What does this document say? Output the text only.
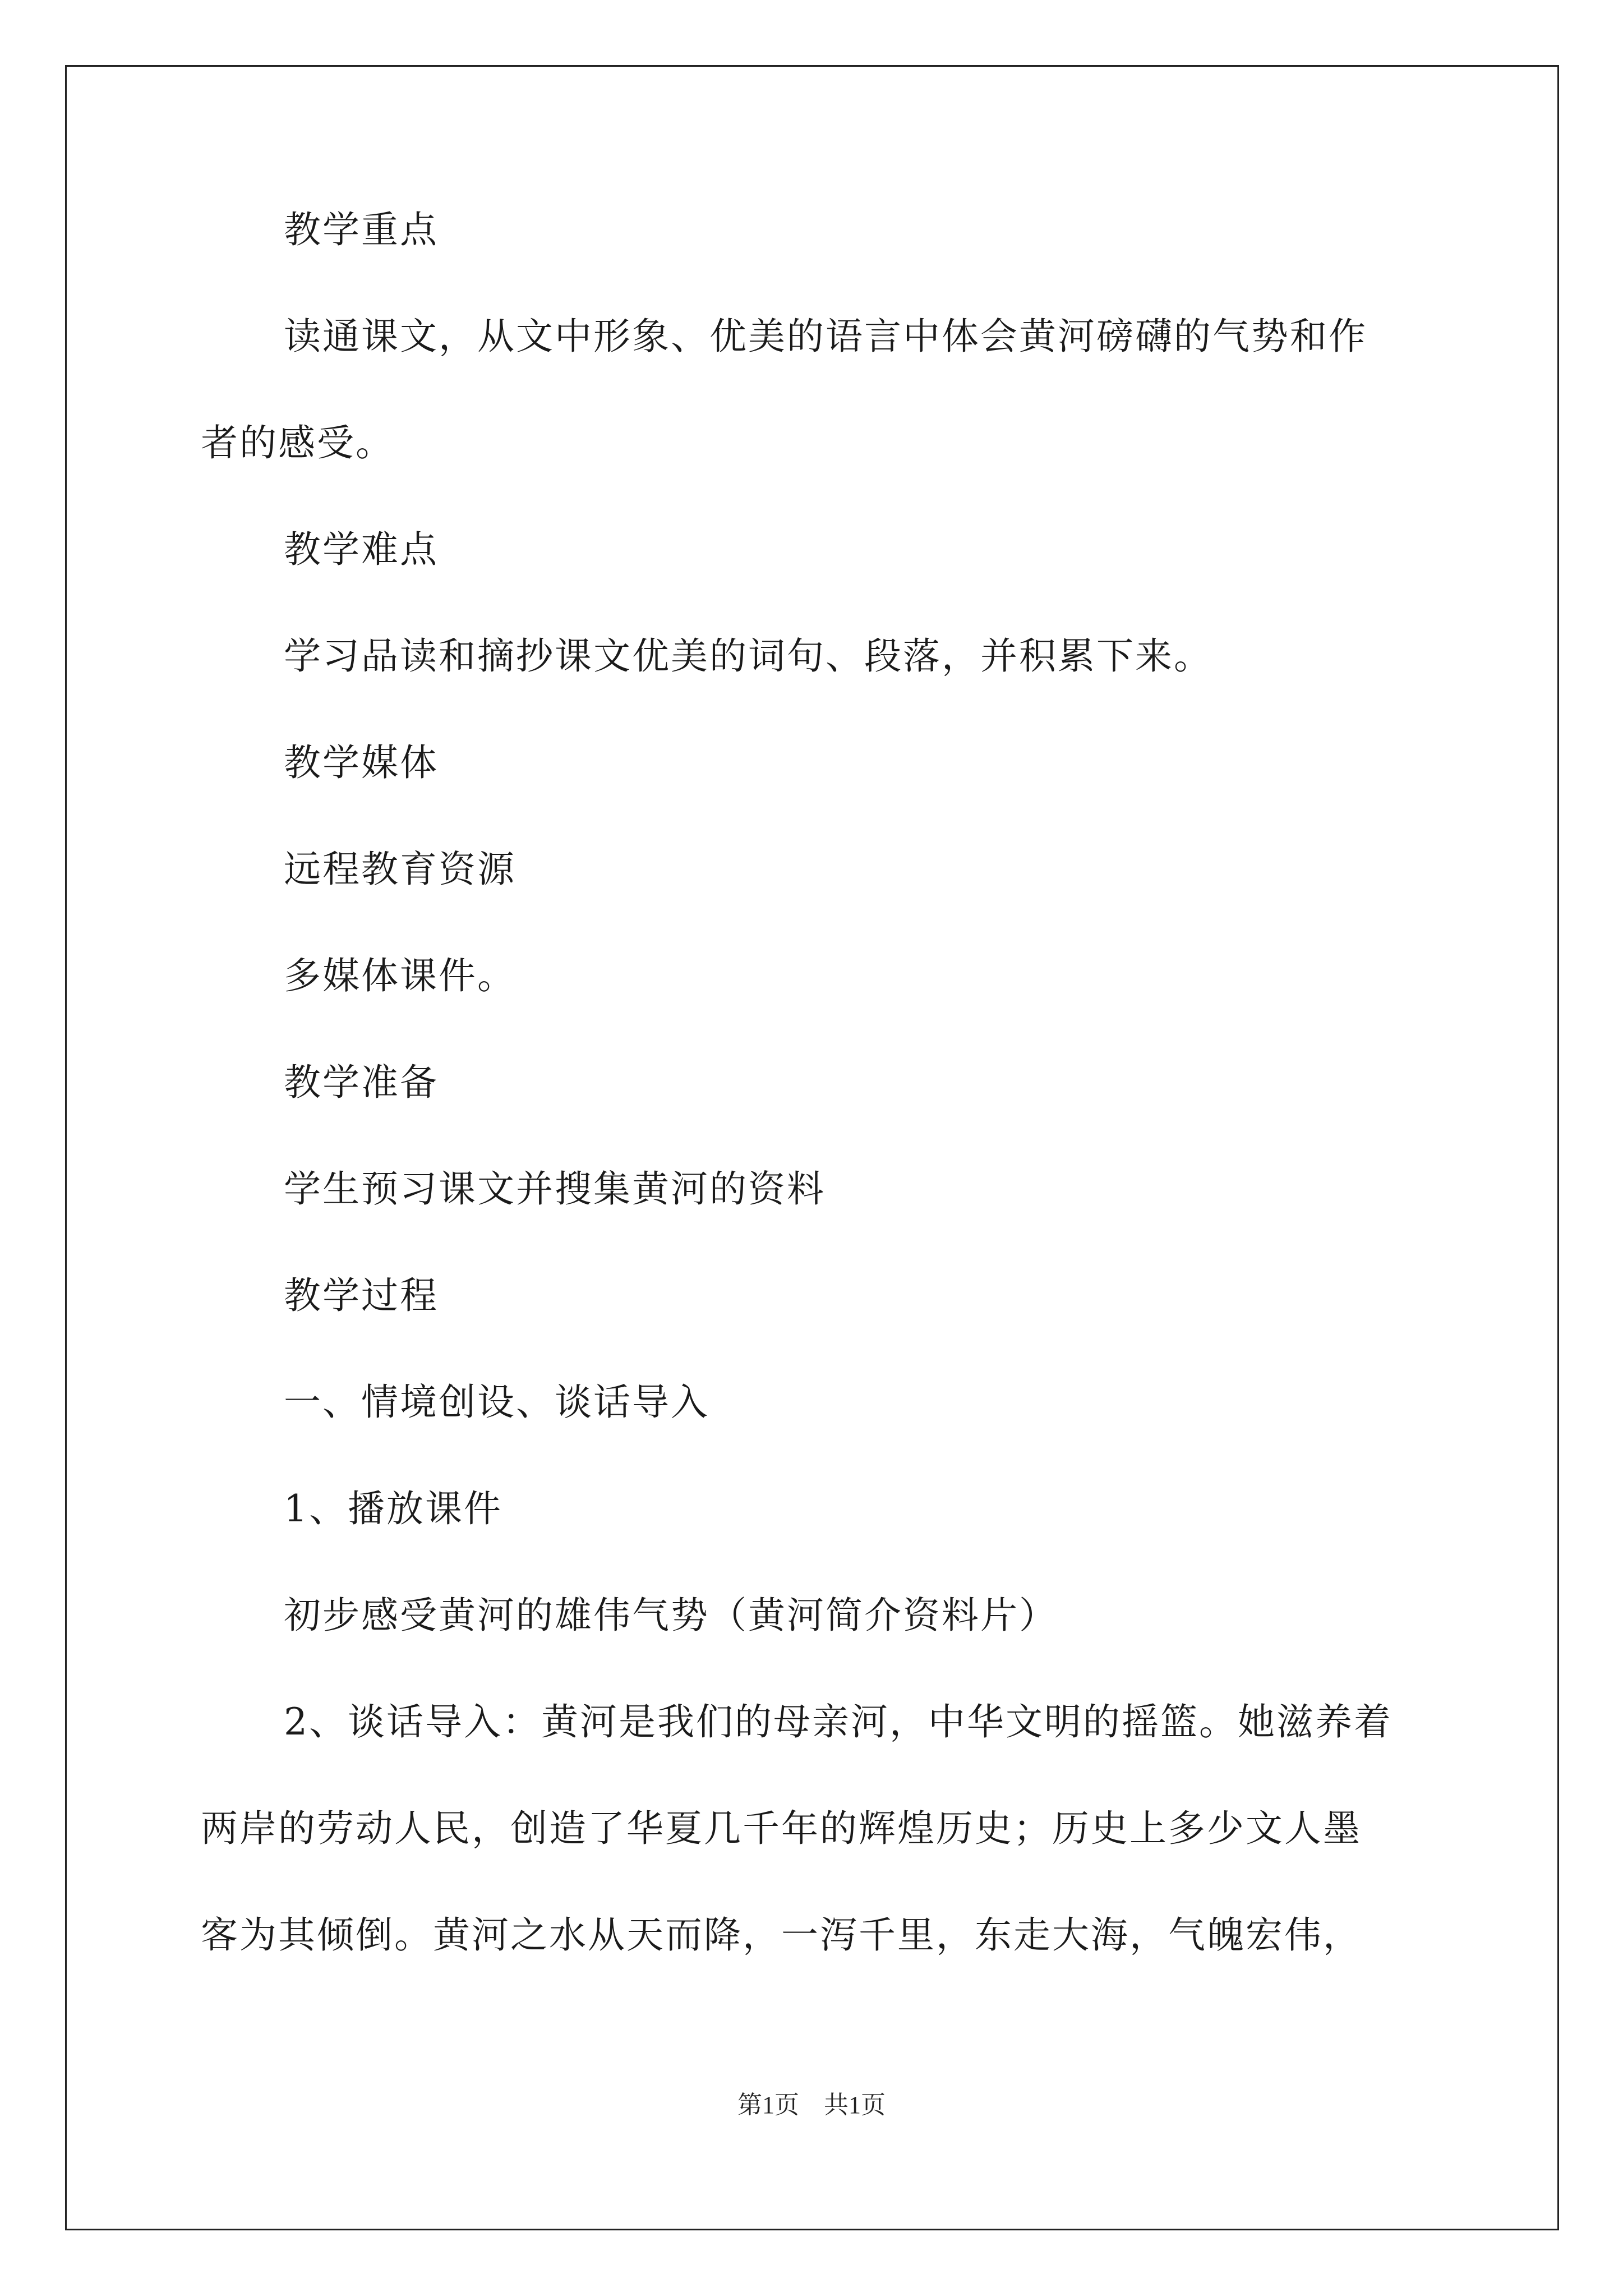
教学重点
读通课文，从文中形象、优美的语言中体会黄河磅礴的气势和作
者的感受。
教学难点
学习品读和摘抄课文优美的词句、段落，并积累下来。
教学媒体
远程教育资源
多媒体课件。
教学准备
学生预习课文并搜集黄河的资料
教学过程
一、情境创设、谈话导入
1、播放课件
初步感受黄河的雄伟气势（黄河简介资料片）
2、谈话导入：黄河是我们的母亲河，中华文明的摇篮。她滋养着
两岸的劳动人民，创造了华夏几千年的辉煌历史；历史上多少文人墨
客为其倾倒。黄河之水从天而降，一泻千里，东走大海，气魄宏伟，
第1页　共1页
